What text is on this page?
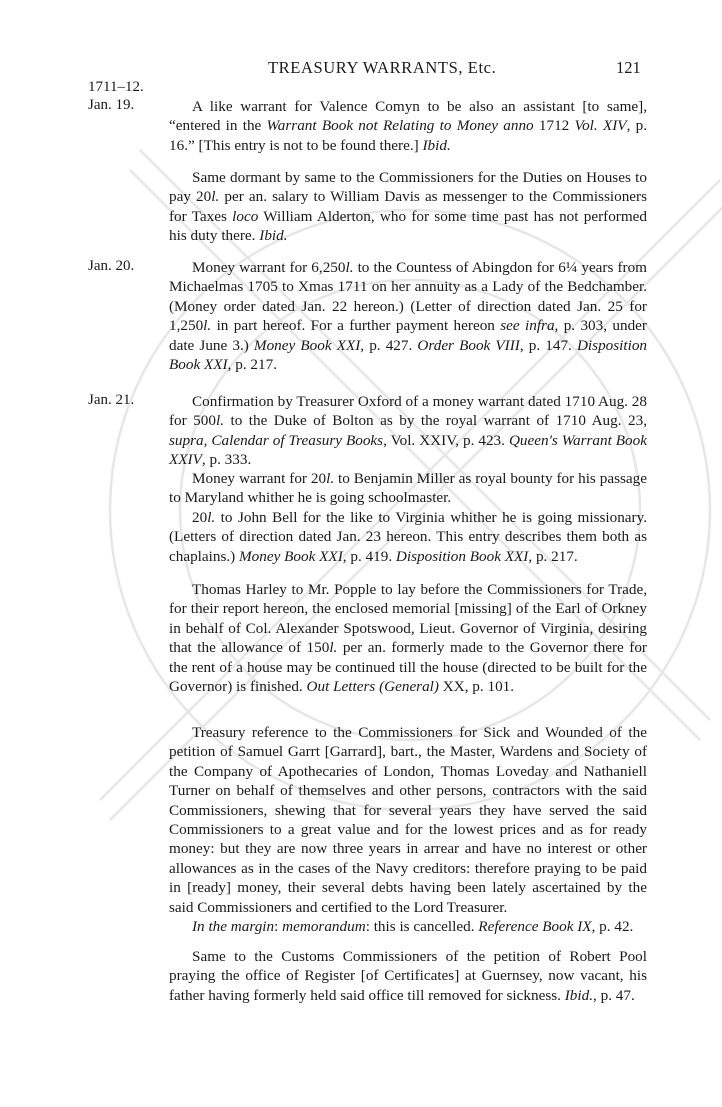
1711–12.
TREASURY WARRANTS, Etc.	121
Jan. 19.	A like warrant for Valence Comyn to be also an assistant [to same], “entered in the Warrant Book not Relating to Money anno 1712 Vol. XIV, p. 16.” [This entry is not to be found there.] Ibid.

Same dormant by same to the Commissioners for the Duties on Houses to pay 20l. per an. salary to William Davis as messenger to the Commissioners for Taxes loco William Alderton, who for some time past has not performed his duty there. Ibid.

Jan. 20.	Money warrant for 6,250l. to the Countess of Abingdon for 6¼ years from Michaelmas 1705 to Xmas 1711 on her annuity as a Lady of the Bedchamber. (Money order dated Jan. 22 hereon.) (Letter of direction dated Jan. 25 for 1,250l. in part hereof. For a further payment hereon see infra, p. 303, under date June 3.) Money Book XXI, p. 427. Order Book VIII, p. 147. Disposition Book XXI, p. 217.

Jan. 21.	Confirmation by Treasurer Oxford of a money warrant dated 1710 Aug. 28 for 500l. to the Duke of Bolton as by the royal warrant of 1710 Aug. 23, supra, Calendar of Treasury Books, Vol. XXIV, p. 423. Queen's Warrant Book XXIV, p. 333.

Money warrant for 20l. to Benjamin Miller as royal bounty for his passage to Maryland whither he is going schoolmaster.

20l. to John Bell for the like to Virginia whither he is going missionary. (Letters of direction dated Jan. 23 hereon. This entry describes them both as chaplains.) Money Book XXI, p. 419. Disposition Book XXI, p. 217.

Thomas Harley to Mr. Popple to lay before the Commissioners for Trade, for their report hereon, the enclosed memorial [missing] of the Earl of Orkney in behalf of Col. Alexander Spotswood, Lieut. Governor of Virginia, desiring that the allowance of 150l. per an. formerly made to the Governor there for the rent of a house may be continued till the house (directed to be built for the Governor) is finished. Out Letters (General) XX, p. 101.

Treasury reference to the Commissioners for Sick and Wounded of the petition of Samuel Garrt [Garrard], bart., the Master, Wardens and Society of the Company of Apothecaries of London, Thomas Loveday and Nathaniell Turner on behalf of themselves and other persons, contractors with the said Commissioners, shewing that for several years they have served the said Commissioners to a great value and for the lowest prices and as for ready money: but they are now three years in arrear and have no interest or other allowances as in the cases of the Navy creditors: therefore praying to be paid in [ready] money, their several debts having been lately ascertained by the said Commissioners and certified to the Lord Treasurer.

In the margin: memorandum: this is cancelled. Reference Book IX, p. 42.

Same to the Customs Commissioners of the petition of Robert Pool praying the office of Register [of Certificates] at Guernsey, now vacant, his father having formerly held said office till removed for sickness. Ibid., p. 47.
